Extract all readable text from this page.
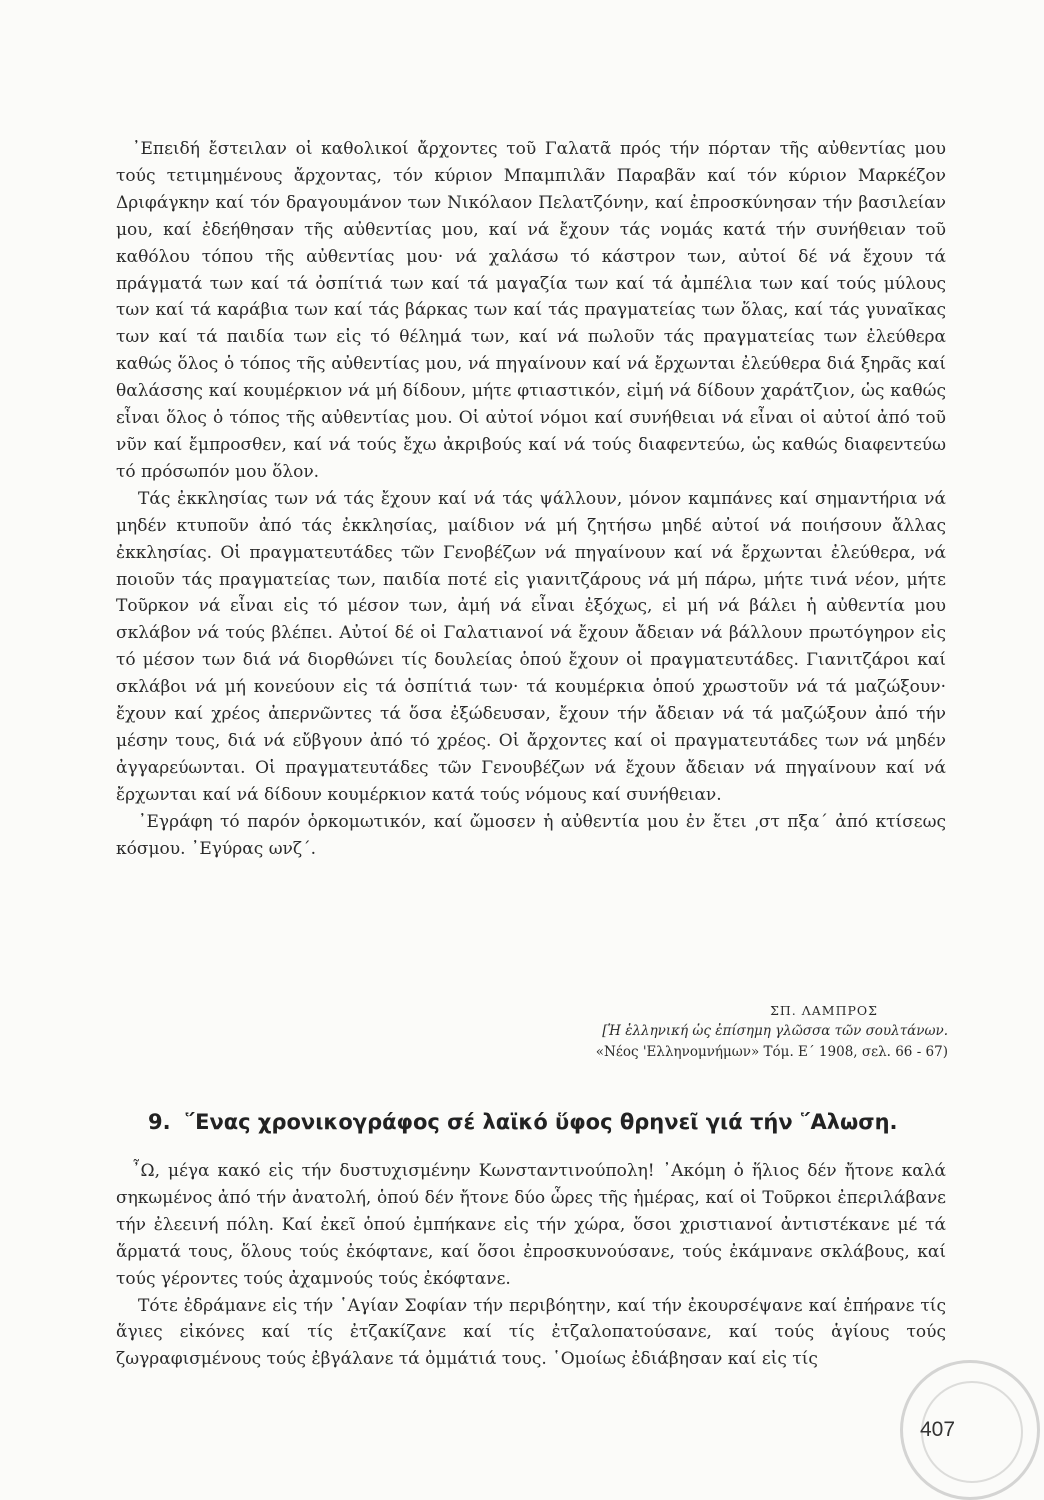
᾿Επειδή ἔστειλαν οἱ καθολικοί ἄρχοντες τοῦ Γαλατᾶ πρός τήν πόρταν τῆς αὐθεντίας μου τούς τετιμημένους ἄρχοντας, τόν κύριον Μπαμπιλᾶν Παραβᾶν καί τόν κύριον Μαρκέζον Δριφάγκην καί τόν δραγουμάνον των Νικόλαον Πελατζόνην, καί ἐπροσκύνησαν τήν βασιλείαν μου, καί ἐδεήθησαν τῆς αὐθεντίας μου, καί νά ἔχουν τάς νομάς κατά τήν συνήθειαν τοῦ καθόλου τόπου τῆς αὐθεντίας μου· νά χαλάσω τό κάστρον των, αὐτοί δέ νά ἔχουν τά πράγματά των καί τά ὀσπίτιά των καί τά μαγαζία των καί τά ἀμπέλια των καί τούς μύλους των καί τά καράβια των καί τάς βάρκας των καί τάς πραγματείας των ὅλας, καί τάς γυναῖκας των καί τά παιδία των εἰς τό θέλημά των, καί νά πωλοῦν τάς πραγματείας των ἐλεύθερα καθώς ὅλος ὁ τόπος τῆς αὐθεντίας μου, νά πηγαίνουν καί νά ἔρχωνται ἐλεύθερα διά ξηρᾶς καί θαλάσσης καί κουμέρκιον νά μή δίδουν, μήτε φτιαστικόν, εἰμή νά δίδουν χαράτζιον, ὡς καθώς εἶναι ὅλος ὁ τόπος τῆς αὐθεντίας μου. Οἱ αὐτοί νόμοι καί συνήθειαι νά εἶναι οἱ αὐτοί ἀπό τοῦ νῦν καί ἔμπροσθεν, καί νά τούς ἔχω ἀκριβούς καί νά τούς διαφεντεύω, ὡς καθώς διαφεντεύω τό πρόσωπόν μου ὅλον.

Τάς ἐκκλησίας των νά τάς ἔχουν καί νά τάς ψάλλουν, μόνον καμπάνες καί σημαντήρια νά μηδέν κτυποῦν ἀπό τάς ἐκκλησίας, μαίδιον νά μή ζητήσω μηδέ αὐτοί νά ποιήσουν ἄλλας ἐκκλησίας. Οἱ πραγματευτάδες τῶν Γενοβέζων νά πηγαίνουν καί νά ἔρχωνται ἐλεύθερα, νά ποιοῦν τάς πραγματείας των, παιδία ποτέ εἰς γιανιτζάρους νά μή πάρω, μήτε τινά νέον, μήτε Τοῦρκον νά εἶναι εἰς τό μέσον των, ἀμή νά εἶναι ἐξόχως, εἰ μή νά βάλει ἡ αὐθεντία μου σκλάβον νά τούς βλέπει. Αὐτοί δέ οἱ Γαλατιανοί νά ἔχουν ἄδειαν νά βάλλουν πρωτόγηρον εἰς τό μέσον των διά νά διορθώνει τίς δουλείας ὁπού ἔχουν οἱ πραγματευτάδες. Γιανιτζάροι καί σκλάβοι νά μή κονεύουν εἰς τά ὀσπίτιά των· τά κουμέρκια ὁπού χρωστοῦν νά τά μαζώξουν· ἔχουν καί χρέος ἀπερνῶντες τά ὅσα ἐξώδευσαν, ἔχουν τήν ἄδειαν νά τά μαζώξουν ἀπό τήν μέσην τους, διά νά εὔβγουν ἀπό τό χρέος. Οἱ ἄρχοντες καί οἱ πραγματευτάδες των νά μηδέν ἀγγαρεύωνται. Οἱ πραγματευτάδες τῶν Γενουβέζων νά ἔχουν ἄδειαν νά πηγαίνουν καί νά ἔρχωνται καί νά δίδουν κουμέρκιον κατά τούς νόμους καί συνήθειαν.

᾿Εγράφη τό παρόν ὁρκομωτικόν, καί ὤμοσεν ἡ αὐθεντία μου ἐν ἔτει ͵στ πξα΄ ἀπό κτίσεως κόσμου. ᾿Εγύρας ωνζ΄.

ΣΠ. ΛΑΜΠΡΟΣ
[Ἡ ἑλληνική ὡς ἐπίσημη γλῶσσα τῶν σουλτάνων.
«Νέος 'Ελληνομνήμων» Τόμ. Ε΄ 1908, σελ. 66 - 67)
9. ῞Ενας χρονικογράφος σέ λαϊκό ὕφος θρηνεῖ γιά τήν ῞Αλωση.

῏Ω, μέγα κακό εἰς τήν δυστυχισμένην Κωνσταντινούπολη! ᾿Ακόμη ὁ ἥλιος δέν ἤτονε καλά σηκωμένος ἀπό τήν ἀνατολή, ὁπού δέν ἤτονε δύο ὧρες τῆς ἡμέρας, καί οἱ Τοῦρκοι ἐπεριλάβανε τήν ἐλεεινή πόλη. Καί ἐκεῖ ὁπού ἐμπήκανε εἰς τήν χώρα, ὅσοι χριστιανοί ἀντιστέκανε μέ τά ἅρματά τους, ὅλους τούς ἐκόφτανε, καί ὅσοι ἐπροσκυνούσανε, τούς ἐκάμνανε σκλάβους, καί τούς γέροντες τούς ἀχαμνούς τούς ἐκόφτανε.

Τότε ἐδράμανε εἰς τήν ῾Αγίαν Σοφίαν τήν περιβόητην, καί τήν ἐκουρσέψανε καί ἐπήρανε τίς ἅγιες εἰκόνες καί τίς ἐτζακίζανε καί τίς ἐτζαλοπατούσανε, καί τούς ἁγίους τούς ζωγραφισμένους τούς ἐβγάλανε τά ὀμμάτιά τους. ῾Ομοίως ἐδιάβησαν καί εἰς τίς

407
